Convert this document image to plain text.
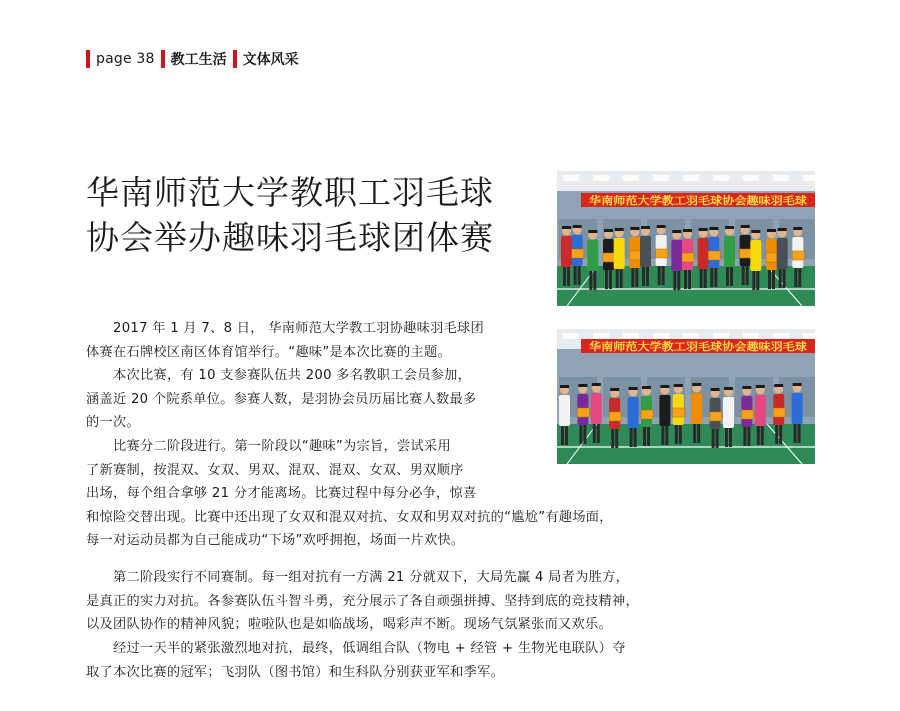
page 38 教工生活 文体风采
华南师范大学教职工羽毛球
协会举办趣味羽毛球团体赛
华南师范大学教工羽毛球协会趣味羽毛球
华南师范大学教工羽毛球协会趣味羽毛球
2017 年 1 月 7、8 日， 华南师范大学教工羽协趣味羽毛球团
体赛在石牌校区南区体育馆举行。“趣味”是本次比赛的主题。
本次比赛，有 10 支参赛队伍共 200 多名教职工会员参加，
涵盖近 20 个院系单位。参赛人数，是羽协会员历届比赛人数最多
的一次。
比赛分二阶段进行。第一阶段以“趣味”为宗旨，尝试采用
了新赛制，按混双、女双、男双、混双、混双、女双、男双顺序
出场，每个组合拿够 21 分才能离场。比赛过程中每分必争，惊喜
和惊险交替出现。比赛中还出现了女双和混双对抗、女双和男双对抗的“尴尬”有趣场面，
每一对运动员都为自己能成功“下场”欢呼拥抱，场面一片欢快。
第二阶段实行不同赛制。每一组对抗有一方满 21 分就双下，大局先赢 4 局者为胜方，
是真正的实力对抗。各参赛队伍斗智斗勇，充分展示了各自顽强拼搏、坚持到底的竞技精神，
以及团队协作的精神风貌；啦啦队也是如临战场，喝彩声不断。现场气氛紧张而又欢乐。
经过一天半的紧张激烈地对抗，最终，低调组合队（物电 + 经管 + 生物光电联队）夺
取了本次比赛的冠军；飞羽队（图书馆）和生科队分别获亚军和季军。
